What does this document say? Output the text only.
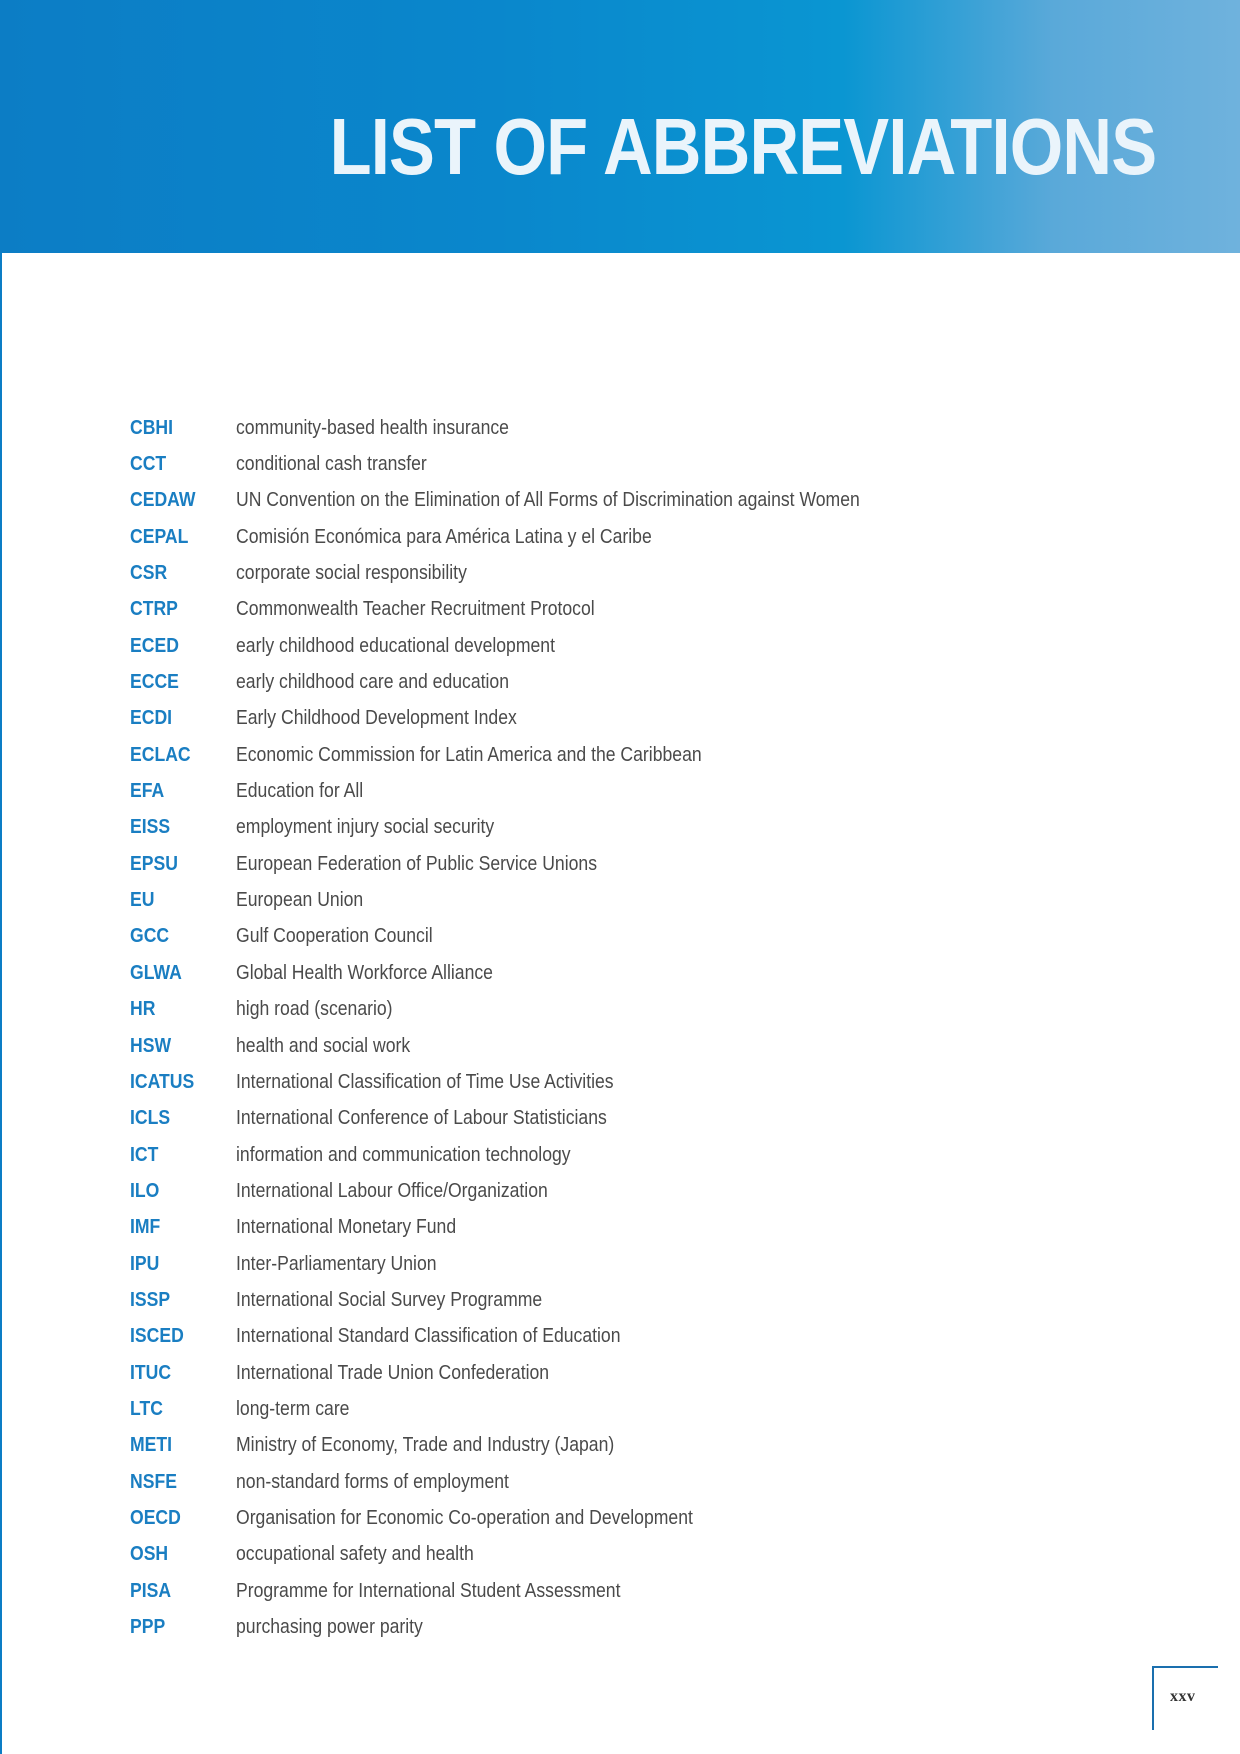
LIST OF ABBREVIATIONS
CBHI	community-based health insurance
CCT	conditional cash transfer
CEDAW	UN Convention on the Elimination of All Forms of Discrimination against Women
CEPAL	Comisión Económica para América Latina y el Caribe
CSR	corporate social responsibility
CTRP	Commonwealth Teacher Recruitment Protocol
ECED	early childhood educational development
ECCE	early childhood care and education
ECDI	Early Childhood Development Index
ECLAC	Economic Commission for Latin America and the Caribbean
EFA	Education for All
EISS	employment injury social security
EPSU	European Federation of Public Service Unions
EU	European Union
GCC	Gulf Cooperation Council
GLWA	Global Health Workforce Alliance
HR	high road (scenario)
HSW	health and social work
ICATUS	International Classification of Time Use Activities
ICLS	International Conference of Labour Statisticians
ICT	information and communication technology
ILO	International Labour Office/Organization
IMF	International Monetary Fund
IPU	Inter-Parliamentary Union
ISSP	International Social Survey Programme
ISCED	International Standard Classification of Education
ITUC	International Trade Union Confederation
LTC	long-term care
METI	Ministry of Economy, Trade and Industry (Japan)
NSFE	non-standard forms of employment
OECD	Organisation for Economic Co-operation and Development
OSH	occupational safety and health
PISA	Programme for International Student Assessment
PPP	purchasing power parity
xxv
